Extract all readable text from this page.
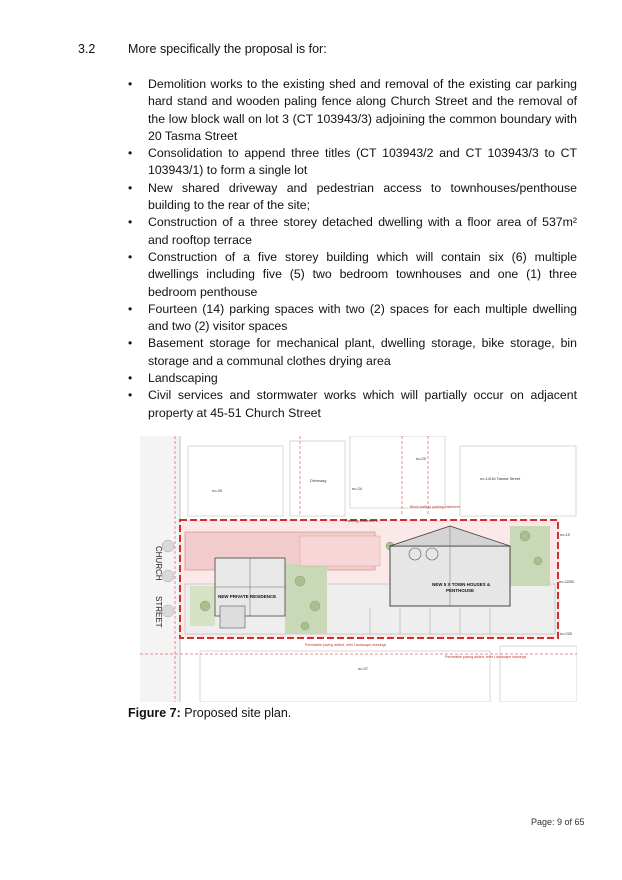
3.2	More specifically the proposal is for:
• Demolition works to the existing shed and removal of the existing car parking hard stand and wooden paling fence along Church Street and the removal of the low block wall on lot 3 (CT 103943/3) adjoining the common boundary with 20 Tasma Street
• Consolidation to append three titles (CT 103943/2 and CT 103943/3 to CT 103943/1) to form a single lot
• New shared driveway and pedestrian access to townhouses/penthouse building to the rear of the site;
• Construction of a three storey detached dwelling with a floor area of 537m² and rooftop terrace
• Construction of a five storey building which will contain six (6) multiple dwellings including five (5) two bedroom townhouses and one (1) three bedroom penthouse
• Fourteen (14) parking spaces with two (2) spaces for each multiple dwelling and two (2) visitor spaces
• Basement storage for mechanical plant, dwelling storage, bike storage, bin storage and a communal clothes drying area
• Landscaping
• Civil services and stormwater works which will partially occur on adjacent property at 45-51 Church Street
CHURCH
STREET
no.20
no.14/16 Tasma Street
no.45	no.24
no.10
no.222B
no.220
no.37
Driveway
NEW PRIVATE RESIDENCE
NEW 5 X TOWN HOUSES &
PENTHOUSE
Permeable paving added, refer Landscape drawings
Permeable paving added, refer Landscape drawings
Parking Easement
Block walls to parking easement
Figure 7: Proposed site plan.
Page: 9 of 65
